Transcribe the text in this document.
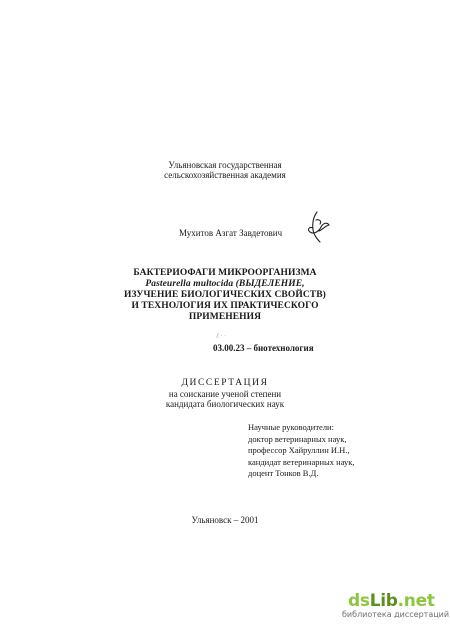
Ульяновская государственная
сельскохозяйственная академия
Мухитов Азгат Завдетович
БАКТЕРИОФАГИ МИКРООРГАНИЗМА
Pasteurella multocida (ВЫДЕЛЕНИЕ,
ИЗУЧЕНИЕ БИОЛОГИЧЕСКИХ СВОЙСТВ)
И ТЕХНОЛОГИЯ ИХ ПРАКТИЧЕСКОГО
ПРИМЕНЕНИЯ
ℓ · ·
03.00.23 – биотехнология
ДИССЕРТАЦИЯ
на соискание ученой степени
кандидата биологических наук
Научные руководители:
доктор ветеринарных наук,
профессор Хайруллин И.Н.,
кандидат ветеринарных наук,
доцент Тонков В.Д.
Ульяновск – 2001
dsLib.net
библиотека диссертаций
